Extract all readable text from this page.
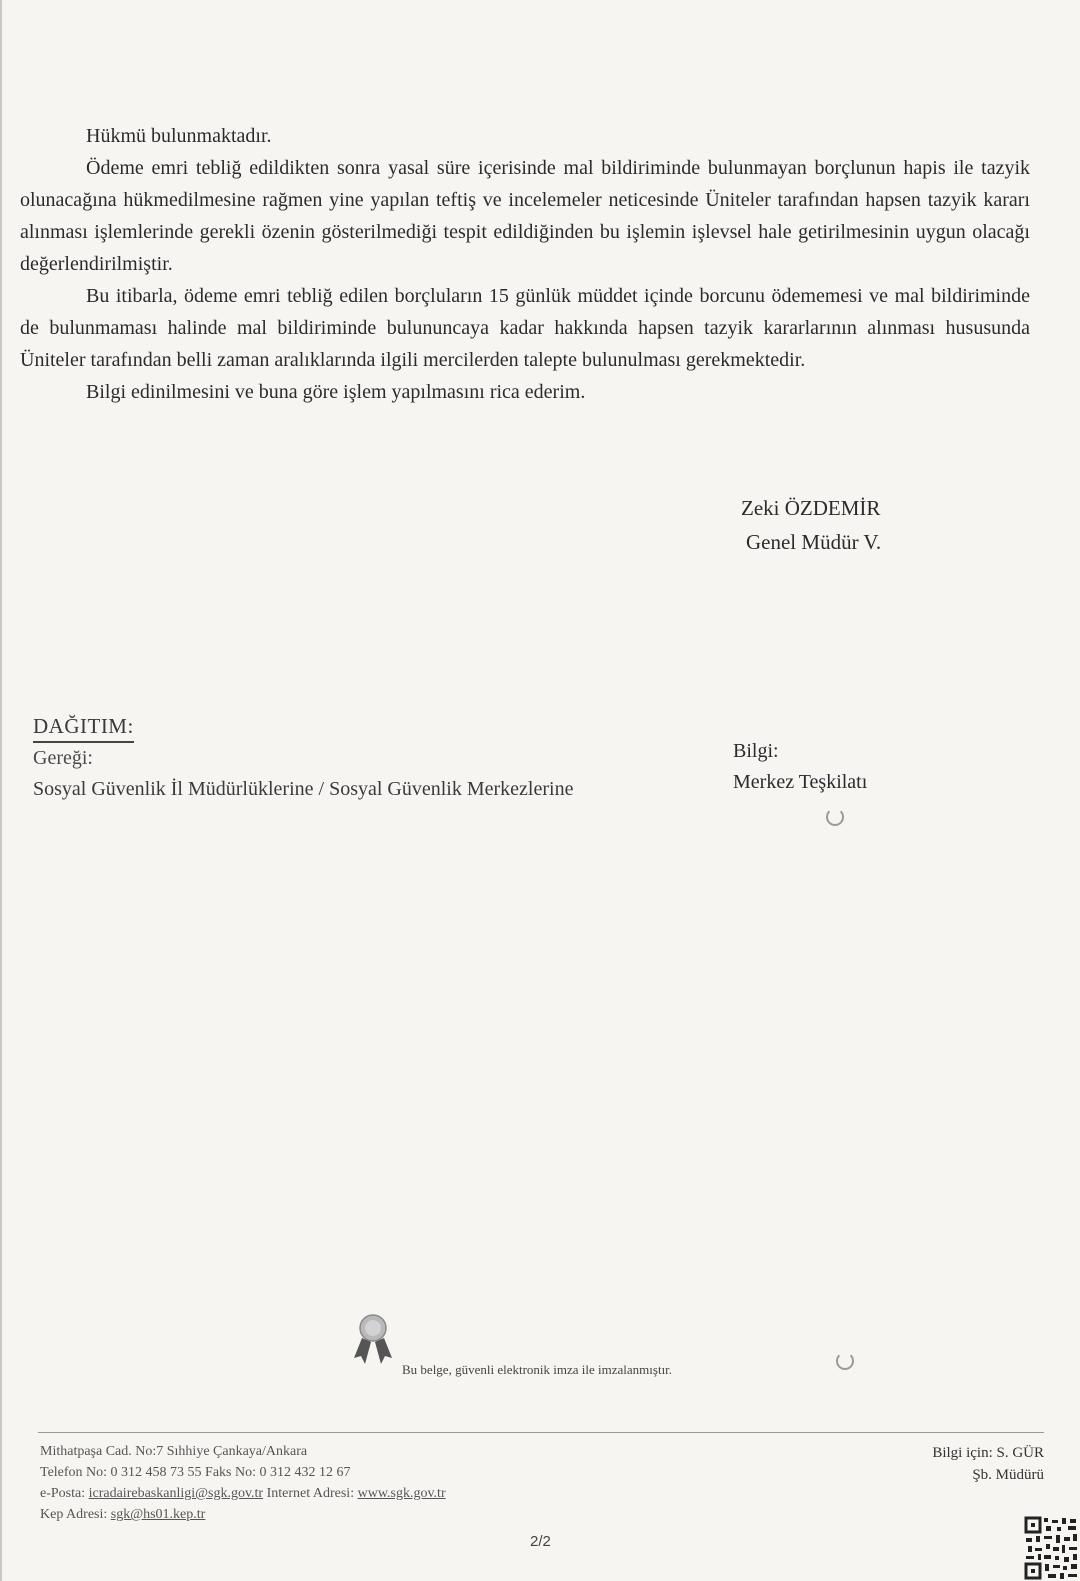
Hükmü bulunmaktadır.

Ödeme emri tebliğ edildikten sonra yasal süre içerisinde mal bildiriminde bulunmayan borçlunun hapis ile tazyik olunacağına hükmedilmesine rağmen yine yapılan teftiş ve incelemeler neticesinde Üniteler tarafından hapsen tazyik kararı alınması işlemlerinde gerekli özenin gösterilmediği tespit edildiğinden bu işlemin işlevsel hale getirilmesinin uygun olacağı değerlendirilmiştir.

Bu itibarla, ödeme emri tebliğ edilen borçluların 15 günlük müddet içinde borcunu ödememesi ve mal bildiriminde de bulunmaması halinde mal bildiriminde bulununcaya kadar hakkında hapsen tazyik kararlarının alınması hususunda Üniteler tarafından belli zaman aralıklarında ilgili mercilerden talepte bulunulması gerekmektedir.

Bilgi edinilmesini ve buna göre işlem yapılmasını rica ederim.

Zeki ÖZDEMİR
Genel Müdür V.
DAĞITIM:
Gereği:
Sosyal Güvenlik İl Müdürlüklerine / Sosyal Güvenlik Merkezlerine
Bilgi:
Merkez Teşkilatı
Bu belge, güvenli elektronik imza ile imzalanmıştır.
Mithatpaşa Cad. No:7 Sıhhiye Çankaya/Ankara
Telefon No: 0 312 458 73 55 Faks No: 0 312 432 12 67
e-Posta: icradairebaskanligi@sgk.gov.tr Internet Adresi: www.sgk.gov.tr
Kep Adresi: sgk@hs01.kep.tr
Bilgi için: S. GÜR
Şb. Müdürü
2/2
